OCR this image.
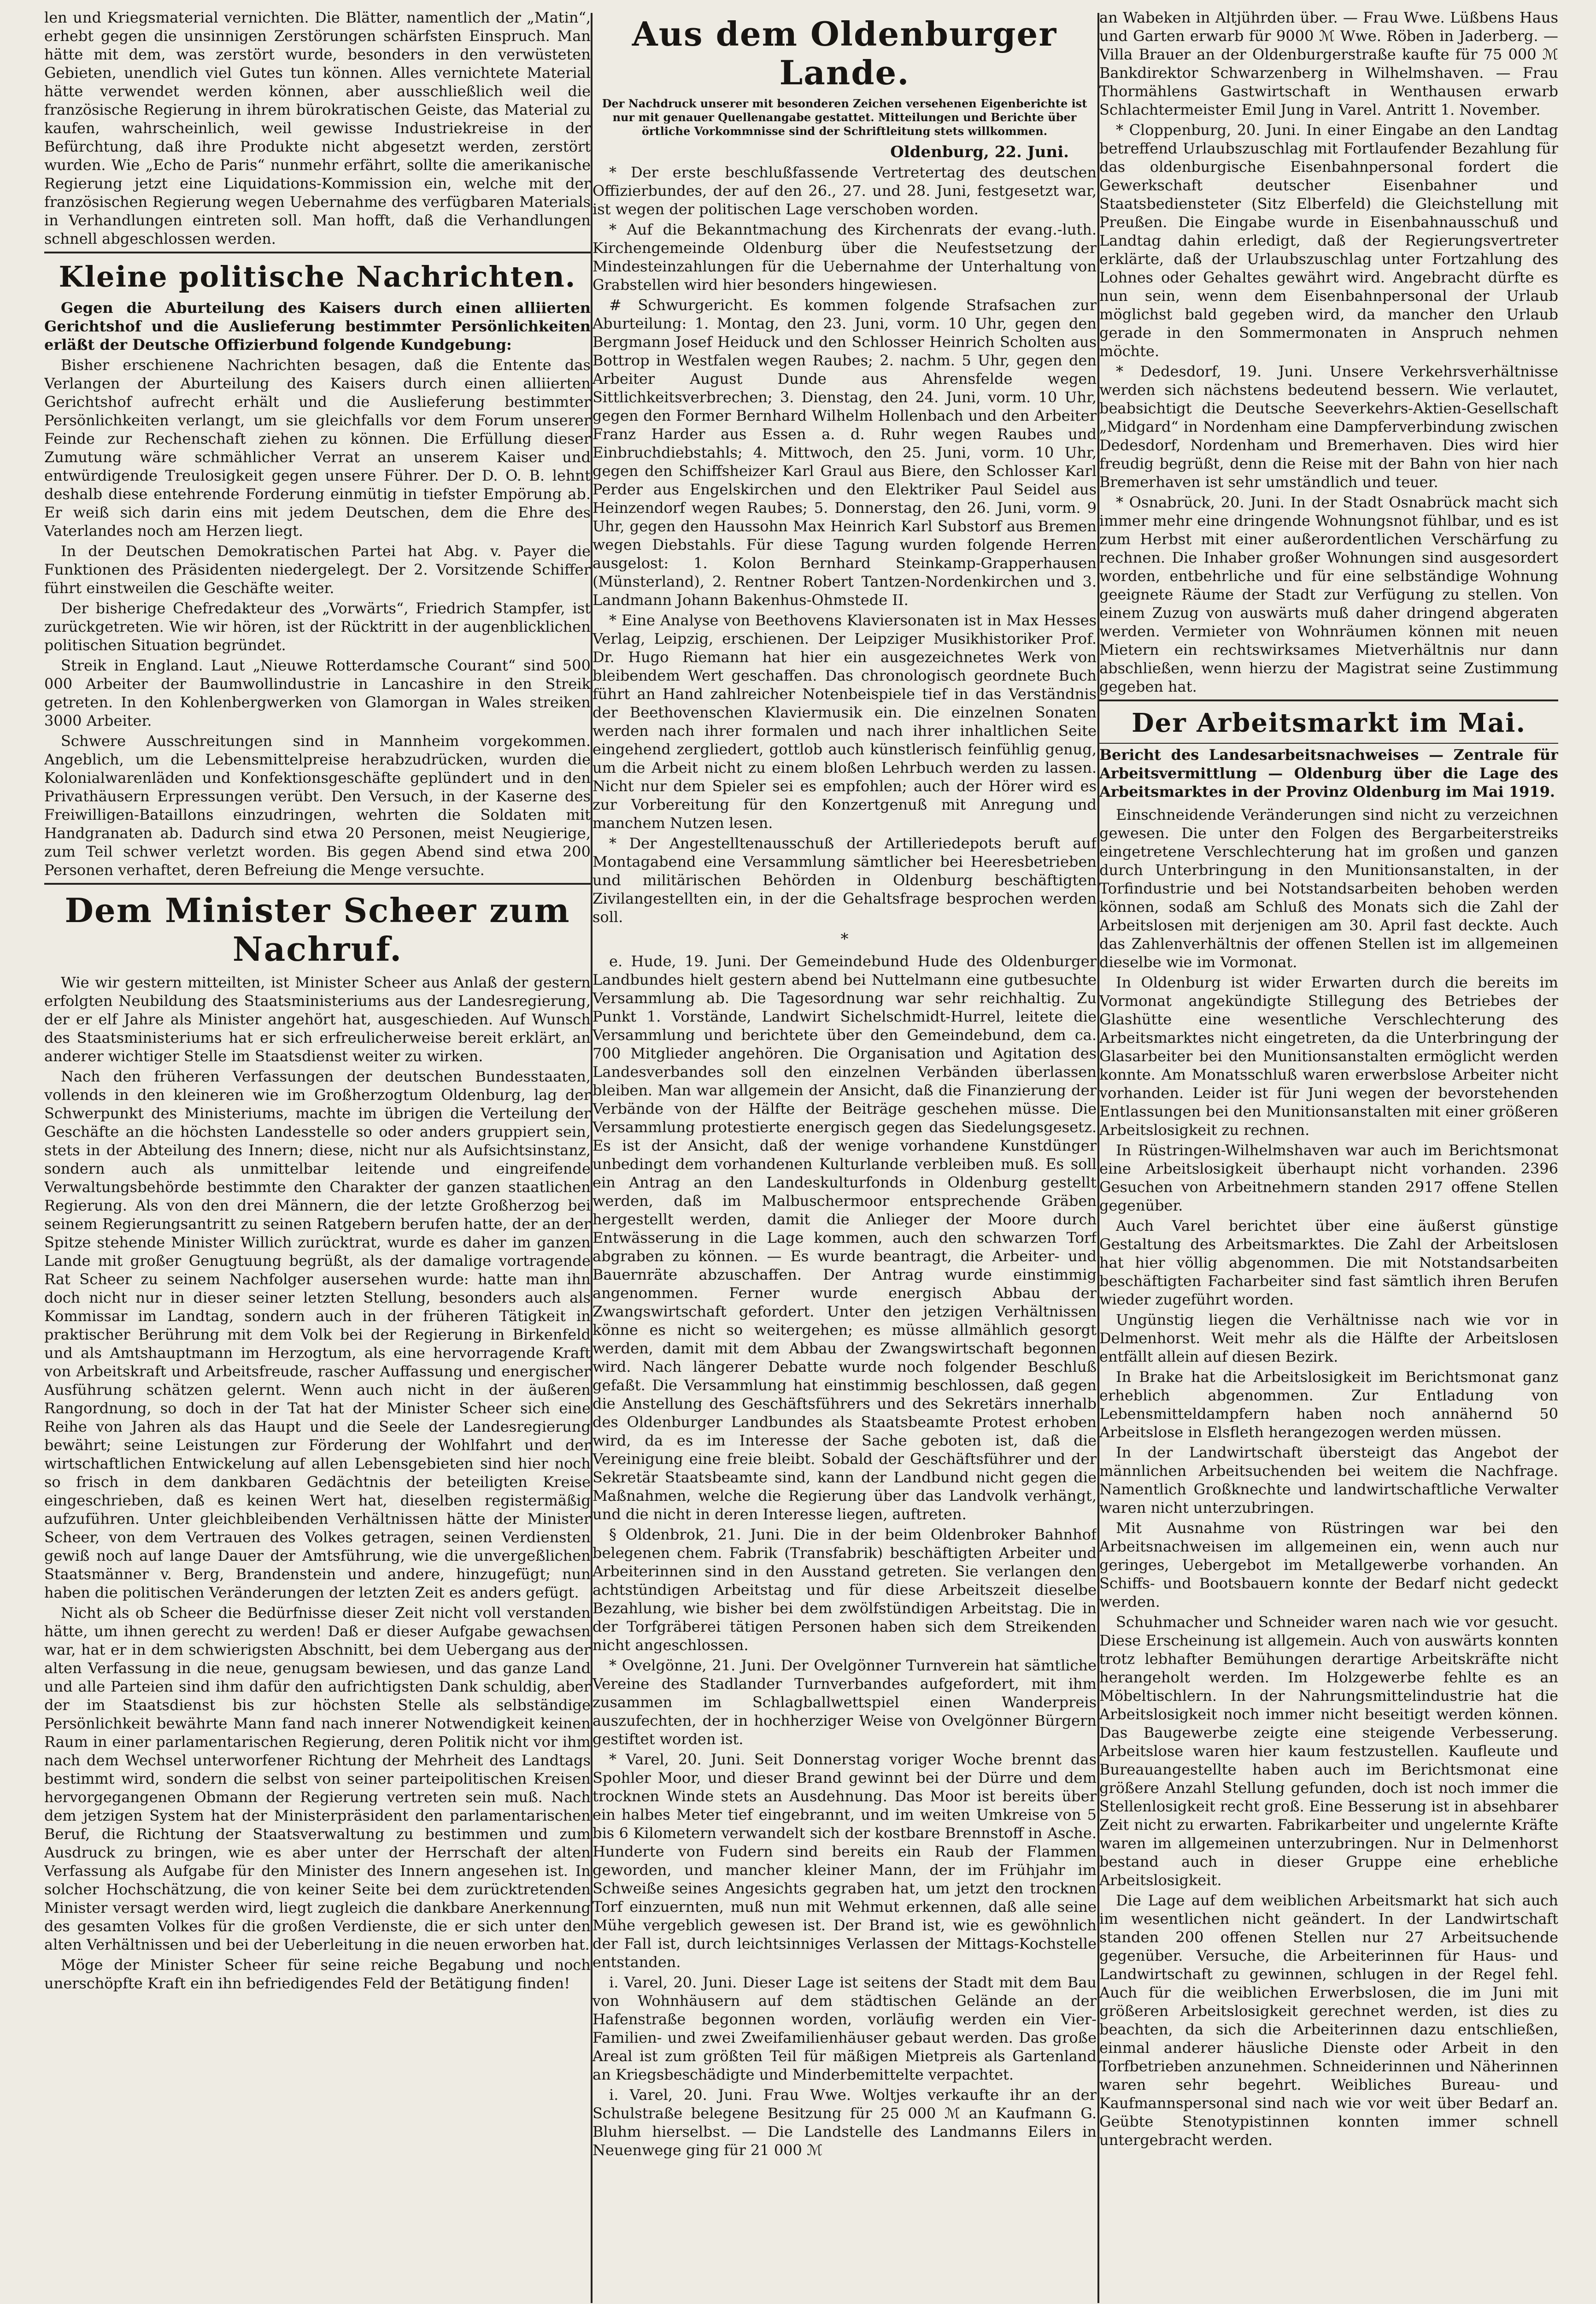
len und Kriegsmaterial vernichten. Die Blätter, namentlich der „Matin“, erhebt gegen die unsinnigen Zerstörungen schärfsten Einspruch. Man hätte mit dem, was zerstört wurde, besonders in den verwüsteten Gebieten, unendlich viel Gutes tun können. Alles vernichtete Material hätte verwendet werden können, aber ausschließlich weil die französische Regierung in ihrem bürokratischen Geiste, das Material zu kaufen, wahrscheinlich, weil gewisse Industriekreise in der Befürchtung, daß ihre Produkte nicht abgesetzt werden, zerstört wurden. Wie „Echo de Paris“ nunmehr erfährt, sollte die amerikanische Regierung jetzt eine Liquidations-Kommission ein, welche mit der französischen Regierung wegen Uebernahme des verfügbaren Materials in Verhandlungen eintreten soll. Man hofft, daß die Verhandlungen schnell abgeschlossen werden.

Kleine politische Nachrichten.

Gegen die Aburteilung des Kaisers durch einen alliierten Gerichtshof und die Auslieferung bestimmter Persönlichkeiten erläßt der Deutsche Offizierbund folgende Kundgebung:

Bisher erschienene Nachrichten besagen, daß die Entente das Verlangen der Aburteilung des Kaisers durch einen alliierten Gerichtshof aufrecht erhält und die Auslieferung bestimmter Persönlichkeiten verlangt, um sie gleichfalls vor dem Forum unserer Feinde zur Rechenschaft ziehen zu können. Die Erfüllung dieser Zumutung wäre schmählicher Verrat an unserem Kaiser und entwürdigende Treulosigkeit gegen unsere Führer. Der D. O. B. lehnt deshalb diese entehrende Forderung einmütig in tiefster Empörung ab. Er weiß sich darin eins mit jedem Deutschen, dem die Ehre des Vaterlandes noch am Herzen liegt.

In der Deutschen Demokratischen Partei hat Abg. v. Payer die Funktionen des Präsidenten niedergelegt. Der 2. Vorsitzende Schiffer führt einstweilen die Geschäfte weiter.

Der bisherige Chefredakteur des „Vorwärts“, Friedrich Stampfer, ist zurückgetreten. Wie wir hören, ist der Rücktritt in der augenblicklichen politischen Situation begründet.

Streik in England. Laut „Nieuwe Rotterdamsche Courant“ sind 500 000 Arbeiter der Baumwollindustrie in Lancashire in den Streik getreten. In den Kohlenbergwerken von Glamorgan in Wales streiken 3000 Arbeiter.

Schwere Ausschreitungen sind in Mannheim vorgekommen. Angeblich, um die Lebensmittelpreise herabzudrücken, wurden die Kolonialwarenläden und Konfektionsgeschäfte geplündert und in den Privathäusern Erpressungen verübt. Den Versuch, in der Kaserne des Freiwilligen-Bataillons einzudringen, wehrten die Soldaten mit Handgranaten ab. Dadurch sind etwa 20 Personen, meist Neugierige, zum Teil schwer verletzt worden. Bis gegen Abend sind etwa 200 Personen verhaftet, deren Befreiung die Menge versuchte.

Dem Minister Scheer zum Nachruf.

Wie wir gestern mitteilten, ist Minister Scheer aus Anlaß der gestern erfolgten Neubildung des Staatsministeriums aus der Landesregierung, der er elf Jahre als Minister angehört hat, ausgeschieden. Auf Wunsch des Staatsministeriums hat er sich erfreulicherweise bereit erklärt, an anderer wichtiger Stelle im Staatsdienst weiter zu wirken.

Nach den früheren Verfassungen der deutschen Bundesstaaten, vollends in den kleineren wie im Großherzogtum Oldenburg, lag der Schwerpunkt des Ministeriums, machte im übrigen die Verteilung der Geschäfte an die höchsten Landesstelle so oder anders gruppiert sein, stets in der Abteilung des Innern; diese, nicht nur als Aufsichtsinstanz, sondern auch als unmittelbar leitende und eingreifende Verwaltungsbehörde bestimmte den Charakter der ganzen staatlichen Regierung. Als von den drei Männern, die der letzte Großherzog bei seinem Regierungsantritt zu seinen Ratgebern berufen hatte, der an der Spitze stehende Minister Willich zurücktrat, wurde es daher im ganzen Lande mit großer Genugtuung begrüßt, als der damalige vortragende Rat Scheer zu seinem Nachfolger ausersehen wurde: hatte man ihn doch nicht nur in dieser seiner letzten Stellung, besonders auch als Kommissar im Landtag, sondern auch in der früheren Tätigkeit in praktischer Berührung mit dem Volk bei der Regierung in Birkenfeld und als Amtshauptmann im Herzogtum, als eine hervorragende Kraft von Arbeitskraft und Arbeitsfreude, rascher Auffassung und energischer Ausführung schätzen gelernt. Wenn auch nicht in der äußeren Rangordnung, so doch in der Tat hat der Minister Scheer sich eine Reihe von Jahren als das Haupt und die Seele der Landesregierung bewährt; seine Leistungen zur Förderung der Wohlfahrt und der wirtschaftlichen Entwickelung auf allen Lebensgebieten sind hier noch so frisch in dem dankbaren Gedächtnis der beteiligten Kreise eingeschrieben, daß es keinen Wert hat, dieselben registermäßig aufzuführen. Unter gleichbleibenden Verhältnissen hätte der Minister Scheer, von dem Vertrauen des Volkes getragen, seinen Verdiensten gewiß noch auf lange Dauer der Amtsführung, wie die unvergeßlichen Staatsmänner v. Berg, Brandenstein und andere, hinzugefügt; nun haben die politischen Veränderungen der letzten Zeit es anders gefügt.

Nicht als ob Scheer die Bedürfnisse dieser Zeit nicht voll verstanden hätte, um ihnen gerecht zu werden! Daß er dieser Aufgabe gewachsen war, hat er in dem schwierigsten Abschnitt, bei dem Uebergang aus der alten Verfassung in die neue, genugsam bewiesen, und das ganze Land und alle Parteien sind ihm dafür den aufrichtigsten Dank schuldig, aber der im Staatsdienst bis zur höchsten Stelle als selbständige Persönlichkeit bewährte Mann fand nach innerer Notwendigkeit keinen Raum in einer parlamentarischen Regierung, deren Politik nicht vor ihm nach dem Wechsel unterworfener Richtung der Mehrheit des Landtags bestimmt wird, sondern die selbst von seiner parteipolitischen Kreisen hervorgegangenen Obmann der Regierung vertreten sein muß. Nach dem jetzigen System hat der Ministerpräsident den parlamentarischen Beruf, die Richtung der Staatsverwaltung zu bestimmen und zum Ausdruck zu bringen, wie es aber unter der Herrschaft der alten Verfassung als Aufgabe für den Minister des Innern angesehen ist. In solcher Hochschätzung, die von keiner Seite bei dem zurücktretenden Minister versagt werden wird, liegt zugleich die dankbare Anerkennung des gesamten Volkes für die großen Verdienste, die er sich unter den alten Verhältnissen und bei der Ueberleitung in die neuen erworben hat.

Möge der Minister Scheer für seine reiche Begabung und noch unerschöpfte Kraft ein ihn befriedigendes Feld der Betätigung finden!

Aus dem Oldenburger Lande.
Der Nachdruck unserer mit besonderen Zeichen versehenen Eigenberichte ist nur mit genauer Quellenangabe gestattet. Mitteilungen und Berichte über örtliche Vorkommnisse sind der Schriftleitung stets willkommen.
Oldenburg, 22. Juni.

* Der erste beschlußfassende Vertretertag des deutschen Offizierbundes, der auf den 26., 27. und 28. Juni, festgesetzt war, ist wegen der politischen Lage verschoben worden.

* Auf die Bekanntmachung des Kirchenrats der evang.-luth. Kirchengemeinde Oldenburg über die Neufestsetzung der Mindesteinzahlungen für die Uebernahme der Unterhaltung von Grabstellen wird hier besonders hingewiesen.

# Schwurgericht. Es kommen folgende Strafsachen zur Aburteilung: 1. Montag, den 23. Juni, vorm. 10 Uhr, gegen den Bergmann Josef Heiduck und den Schlosser Heinrich Scholten aus Bottrop in Westfalen wegen Raubes; 2. nachm. 5 Uhr, gegen den Arbeiter August Dunde aus Ahrensfelde wegen Sittlichkeitsverbrechen; 3. Dienstag, den 24. Juni, vorm. 10 Uhr, gegen den Former Bernhard Wilhelm Hollenbach und den Arbeiter Franz Harder aus Essen a. d. Ruhr wegen Raubes und Einbruchdiebstahls; 4. Mittwoch, den 25. Juni, vorm. 10 Uhr, gegen den Schiffsheizer Karl Graul aus Biere, den Schlosser Karl Perder aus Engelskirchen und den Elektriker Paul Seidel aus Heinzendorf wegen Raubes; 5. Donnerstag, den 26. Juni, vorm. 9 Uhr, gegen den Haussohn Max Heinrich Karl Substorf aus Bremen wegen Diebstahls. Für diese Tagung wurden folgende Herren ausgelost: 1. Kolon Bernhard Steinkamp-Grapperhausen (Münsterland), 2. Rentner Robert Tantzen-Nordenkirchen und 3. Landmann Johann Bakenhus-Ohmstede II.

* Eine Analyse von Beethovens Klaviersonaten ist in Max Hesses Verlag, Leipzig, erschienen. Der Leipziger Musikhistoriker Prof. Dr. Hugo Riemann hat hier ein ausgezeichnetes Werk von bleibendem Wert geschaffen. Das chronologisch geordnete Buch führt an Hand zahlreicher Notenbeispiele tief in das Verständnis der Beethovenschen Klaviermusik ein. Die einzelnen Sonaten werden nach ihrer formalen und nach ihrer inhaltlichen Seite eingehend zergliedert, gottlob auch künstlerisch feinfühlig genug, um die Arbeit nicht zu einem bloßen Lehrbuch werden zu lassen. Nicht nur dem Spieler sei es empfohlen; auch der Hörer wird es zur Vorbereitung für den Konzertgenuß mit Anregung und manchem Nutzen lesen.

* Der Angestelltenausschuß der Artilleriedepots beruft auf Montagabend eine Versammlung sämtlicher bei Heeresbetrieben und militärischen Behörden in Oldenburg beschäftigten Zivilangestellten ein, in der die Gehaltsfrage besprochen werden soll.

*

e. Hude, 19. Juni. Der Gemeindebund Hude des Oldenburger Landbundes hielt gestern abend bei Nuttelmann eine gutbesuchte Versammlung ab. Die Tagesordnung war sehr reichhaltig. Zu Punkt 1. Vorstände, Landwirt Sichelschmidt-Hurrel, leitete die Versammlung und berichtete über den Gemeindebund, dem ca. 700 Mitglieder angehören. Die Organisation und Agitation des Landesverbandes soll den einzelnen Verbänden überlassen bleiben. Man war allgemein der Ansicht, daß die Finanzierung der Verbände von der Hälfte der Beiträge geschehen müsse. Die Versammlung protestierte energisch gegen das Siedelungsgesetz. Es ist der Ansicht, daß der wenige vorhandene Kunstdünger unbedingt dem vorhandenen Kulturlande verbleiben muß. Es soll ein Antrag an den Landeskulturfonds in Oldenburg gestellt werden, daß im Malbuschermoor entsprechende Gräben hergestellt werden, damit die Anlieger der Moore durch Entwässerung in die Lage kommen, auch den schwarzen Torf abgraben zu können. — Es wurde beantragt, die Arbeiter- und Bauernräte abzuschaffen. Der Antrag wurde einstimmig angenommen. Ferner wurde energisch Abbau der Zwangswirtschaft gefordert. Unter den jetzigen Verhältnissen könne es nicht so weitergehen; es müsse allmählich gesorgt werden, damit mit dem Abbau der Zwangswirtschaft begonnen wird. Nach längerer Debatte wurde noch folgender Beschluß gefaßt. Die Versammlung hat einstimmig beschlossen, daß gegen die Anstellung des Geschäftsführers und des Sekretärs innerhalb des Oldenburger Landbundes als Staatsbeamte Protest erhoben wird, da es im Interesse der Sache geboten ist, daß die Vereinigung eine freie bleibt. Sobald der Geschäftsführer und der Sekretär Staatsbeamte sind, kann der Landbund nicht gegen die Maßnahmen, welche die Regierung über das Landvolk verhängt, und die nicht in deren Interesse liegen, auftreten.

§ Oldenbrok, 21. Juni. Die in der beim Oldenbroker Bahnhof belegenen chem. Fabrik (Transfabrik) beschäftigten Arbeiter und Arbeiterinnen sind in den Ausstand getreten. Sie verlangen den achtstündigen Arbeitstag und für diese Arbeitszeit dieselbe Bezahlung, wie bisher bei dem zwölfstündigen Arbeitstag. Die in der Torfgräberei tätigen Personen haben sich dem Streikenden nicht angeschlossen.

* Ovelgönne, 21. Juni. Der Ovelgönner Turnverein hat sämtliche Vereine des Stadlander Turnverbandes aufgefordert, mit ihm zusammen im Schlagballwettspiel einen Wanderpreis auszufechten, der in hochherziger Weise von Ovelgönner Bürgern gestiftet worden ist.

* Varel, 20. Juni. Seit Donnerstag voriger Woche brennt das Spohler Moor, und dieser Brand gewinnt bei der Dürre und dem trocknen Winde stets an Ausdehnung. Das Moor ist bereits über ein halbes Meter tief eingebrannt, und im weiten Umkreise von 5 bis 6 Kilometern verwandelt sich der kostbare Brennstoff in Asche. Hunderte von Fudern sind bereits ein Raub der Flammen geworden, und mancher kleiner Mann, der im Frühjahr im Schweiße seines Angesichts gegraben hat, um jetzt den trocknen Torf einzuernten, muß nun mit Wehmut erkennen, daß alle seine Mühe vergeblich gewesen ist. Der Brand ist, wie es gewöhnlich der Fall ist, durch leichtsinniges Verlassen der Mittags-Kochstelle entstanden.

i. Varel, 20. Juni. Dieser Lage ist seitens der Stadt mit dem Bau von Wohnhäusern auf dem städtischen Gelände an der Hafenstraße begonnen worden, vorläufig werden ein Vier-Familien- und zwei Zweifamilienhäuser gebaut werden. Das große Areal ist zum größten Teil für mäßigen Mietpreis als Gartenland an Kriegsbeschädigte und Minderbemittelte verpachtet.

i. Varel, 20. Juni. Frau Wwe. Woltjes verkaufte ihr an der Schulstraße belegene Besitzung für 25 000 ℳ an Kaufmann G. Bluhm hierselbst. — Die Landstelle des Landmanns Eilers in Neuenwege ging für 21 000 ℳ

an Wabeken in Altjührden über. — Frau Wwe. Lüßbens Haus und Garten erwarb für 9000 ℳ Wwe. Röben in Jaderberg. — Villa Brauer an der Oldenburgerstraße kaufte für 75 000 ℳ Bankdirektor Schwarzenberg in Wilhelmshaven. — Frau Thormählens Gastwirtschaft in Wenthausen erwarb Schlachtermeister Emil Jung in Varel. Antritt 1. November.

* Cloppenburg, 20. Juni. In einer Eingabe an den Landtag betreffend Urlaubszuschlag mit Fortlaufender Bezahlung für das oldenburgische Eisenbahnpersonal fordert die Gewerkschaft deutscher Eisenbahner und Staatsbediensteter (Sitz Elberfeld) die Gleichstellung mit Preußen. Die Eingabe wurde in Eisenbahnausschuß und Landtag dahin erledigt, daß der Regierungsvertreter erklärte, daß der Urlaubszuschlag unter Fortzahlung des Lohnes oder Gehaltes gewährt wird. Angebracht dürfte es nun sein, wenn dem Eisenbahnpersonal der Urlaub möglichst bald gegeben wird, da mancher den Urlaub gerade in den Sommermonaten in Anspruch nehmen möchte.

* Dedesdorf, 19. Juni. Unsere Verkehrsverhältnisse werden sich nächstens bedeutend bessern. Wie verlautet, beabsichtigt die Deutsche Seeverkehrs-Aktien-Gesellschaft „Midgard“ in Nordenham eine Dampferverbindung zwischen Dedesdorf, Nordenham und Bremerhaven. Dies wird hier freudig begrüßt, denn die Reise mit der Bahn von hier nach Bremerhaven ist sehr umständlich und teuer.

* Osnabrück, 20. Juni. In der Stadt Osnabrück macht sich immer mehr eine dringende Wohnungsnot fühlbar, und es ist zum Herbst mit einer außerordentlichen Verschärfung zu rechnen. Die Inhaber großer Wohnungen sind ausgesordert worden, entbehrliche und für eine selbständige Wohnung geeignete Räume der Stadt zur Verfügung zu stellen. Von einem Zuzug von auswärts muß daher dringend abgeraten werden. Vermieter von Wohnräumen können mit neuen Mietern ein rechtswirksames Mietverhältnis nur dann abschließen, wenn hierzu der Magistrat seine Zustimmung gegeben hat.

Der Arbeitsmarkt im Mai.
Bericht des Landesarbeitsnachweises — Zentrale für Arbeitsvermittlung — Oldenburg über die Lage des Arbeitsmarktes in der Provinz Oldenburg im Mai 1919.

Einschneidende Veränderungen sind nicht zu verzeichnen gewesen. Die unter den Folgen des Bergarbeiterstreiks eingetretene Verschlechterung hat im großen und ganzen durch Unterbringung in den Munitionsanstalten, in der Torfindustrie und bei Notstandsarbeiten behoben werden können, sodaß am Schluß des Monats sich die Zahl der Arbeitslosen mit derjenigen am 30. April fast deckte. Auch das Zahlenverhältnis der offenen Stellen ist im allgemeinen dieselbe wie im Vormonat.

In Oldenburg ist wider Erwarten durch die bereits im Vormonat angekündigte Stillegung des Betriebes der Glashütte eine wesentliche Verschlechterung des Arbeitsmarktes nicht eingetreten, da die Unterbringung der Glasarbeiter bei den Munitionsanstalten ermöglicht werden konnte. Am Monatsschluß waren erwerbslose Arbeiter nicht vorhanden. Leider ist für Juni wegen der bevorstehenden Entlassungen bei den Munitionsanstalten mit einer größeren Arbeitslosigkeit zu rechnen.

In Rüstringen-Wilhelmshaven war auch im Berichtsmonat eine Arbeitslosigkeit überhaupt nicht vorhanden. 2396 Gesuchen von Arbeitnehmern standen 2917 offene Stellen gegenüber.

Auch Varel berichtet über eine äußerst günstige Gestaltung des Arbeitsmarktes. Die Zahl der Arbeitslosen hat hier völlig abgenommen. Die mit Notstandsarbeiten beschäftigten Facharbeiter sind fast sämtlich ihren Berufen wieder zugeführt worden.

Ungünstig liegen die Verhältnisse nach wie vor in Delmenhorst. Weit mehr als die Hälfte der Arbeitslosen entfällt allein auf diesen Bezirk.

In Brake hat die Arbeitslosigkeit im Berichtsmonat ganz erheblich abgenommen. Zur Entladung von Lebensmitteldampfern haben noch annähernd 50 Arbeitslose in Elsfleth herangezogen werden müssen.

In der Landwirtschaft übersteigt das Angebot der männlichen Arbeitsuchenden bei weitem die Nachfrage. Namentlich Großknechte und landwirtschaftliche Verwalter waren nicht unterzubringen.

Mit Ausnahme von Rüstringen war bei den Arbeitsnachweisen im allgemeinen ein, wenn auch nur geringes, Uebergebot im Metallgewerbe vorhanden. An Schiffs- und Bootsbauern konnte der Bedarf nicht gedeckt werden.

Schuhmacher und Schneider waren nach wie vor gesucht. Diese Erscheinung ist allgemein. Auch von auswärts konnten trotz lebhafter Bemühungen derartige Arbeitskräfte nicht herangeholt werden. Im Holzgewerbe fehlte es an Möbeltischlern. In der Nahrungsmittelindustrie hat die Arbeitslosigkeit noch immer nicht beseitigt werden können. Das Baugewerbe zeigte eine steigende Verbesserung. Arbeitslose waren hier kaum festzustellen. Kaufleute und Bureauangestellte haben auch im Berichtsmonat eine größere Anzahl Stellung gefunden, doch ist noch immer die Stellenlosigkeit recht groß. Eine Besserung ist in absehbarer Zeit nicht zu erwarten. Fabrikarbeiter und ungelernte Kräfte waren im allgemeinen unterzubringen. Nur in Delmenhorst bestand auch in dieser Gruppe eine erhebliche Arbeitslosigkeit.

Die Lage auf dem weiblichen Arbeitsmarkt hat sich auch im wesentlichen nicht geändert. In der Landwirtschaft standen 200 offenen Stellen nur 27 Arbeitsuchende gegenüber. Versuche, die Arbeiterinnen für Haus- und Landwirtschaft zu gewinnen, schlugen in der Regel fehl. Auch für die weiblichen Erwerbslosen, die im Juni mit größeren Arbeitslosigkeit gerechnet werden, ist dies zu beachten, da sich die Arbeiterinnen dazu entschließen, einmal anderer häusliche Dienste oder Arbeit in den Torfbetrieben anzunehmen. Schneiderinnen und Näherinnen waren sehr begehrt. Weibliches Bureau- und Kaufmannspersonal sind nach wie vor weit über Bedarf an. Geübte Stenotypistinnen konnten immer schnell untergebracht werden.
